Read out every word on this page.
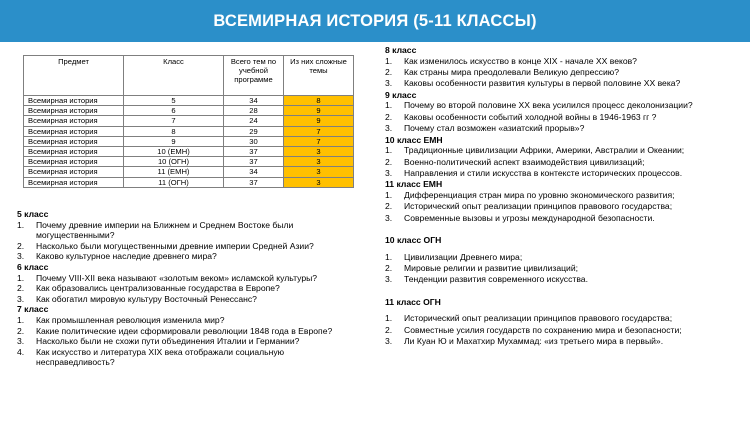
ВСЕМИРНАЯ ИСТОРИЯ (5-11 КЛАССЫ)
Предмет	Класс	Всего тем по учебной программе	Из них сложные темы
Всемирная история	5	34	8
Всемирная история	6	28	9
Всемирная история	7	24	9
Всемирная история	8	29	7
Всемирная история	9	30	7
Всемирная история	10 (ЕМН)	37	3
Всемирная история	10 (ОГН)	37	3
Всемирная история	11 (ЕМН)	34	3
Всемирная история	11 (ОГН)	37	3

5 класс

1. Почему древние империи на Ближнем и Среднем Востоке были могущественными?
2. Насколько были могущественными древние империи Средней Азии?
3. Каково культурное наследие древнего мира?

6 класс

1. Почему VIII-XII века называют «золотым веком» исламской культуры?
2. Как образовались централизованные государства в Европе?
3. Как обогатил мировую культуру Восточный Ренессанс?

7 класс

1. Как промышленная революция изменила мир?
2. Какие политические идеи сформировали революции 1848 года в Европе?
3. Насколько были не схожи пути объединения Италии и Германии?
4. Как искусство и литература XIX века отображали социальную несправедливость?

8 класс

1. Как изменилось искусство в конце XIX - начале XX веков?
2. Как страны мира преодолевали Великую депрессию?
3. Каковы особенности развития культуры в первой половине XX века?

9 класс

1. Почему во второй половине XX века усилился процесс деколонизации?
2. Каковы особенности событий холодной войны в 1946-1963 гг ?
3. Почему стал возможен «азиатский прорыв»?

10 класс ЕМН

1. Традиционные цивилизации Африки, Америки, Австралии и Океании;
2. Военно-политический аспект взаимодействия цивилизаций;
3. Направления и стили искусства в контексте исторических процессов.

11 класс ЕМН

1. Дифференциация стран мира по уровню экономического развития;
2. Исторический опыт реализации принципов правового государства;
3. Современные вызовы и угрозы международной безопасности.

10 класс ОГН

1. Цивилизации Древнего мира;
2. Мировые религии и развитие цивилизаций;
3. Тенденции развития современного искусства.

11 класс ОГН

1. Исторический опыт реализации принципов правового государства;
2. Совместные усилия государств по сохранению мира и безопасности;
3. Ли Куан Ю и Махатхир Мухаммад: «из третьего мира в первый».
